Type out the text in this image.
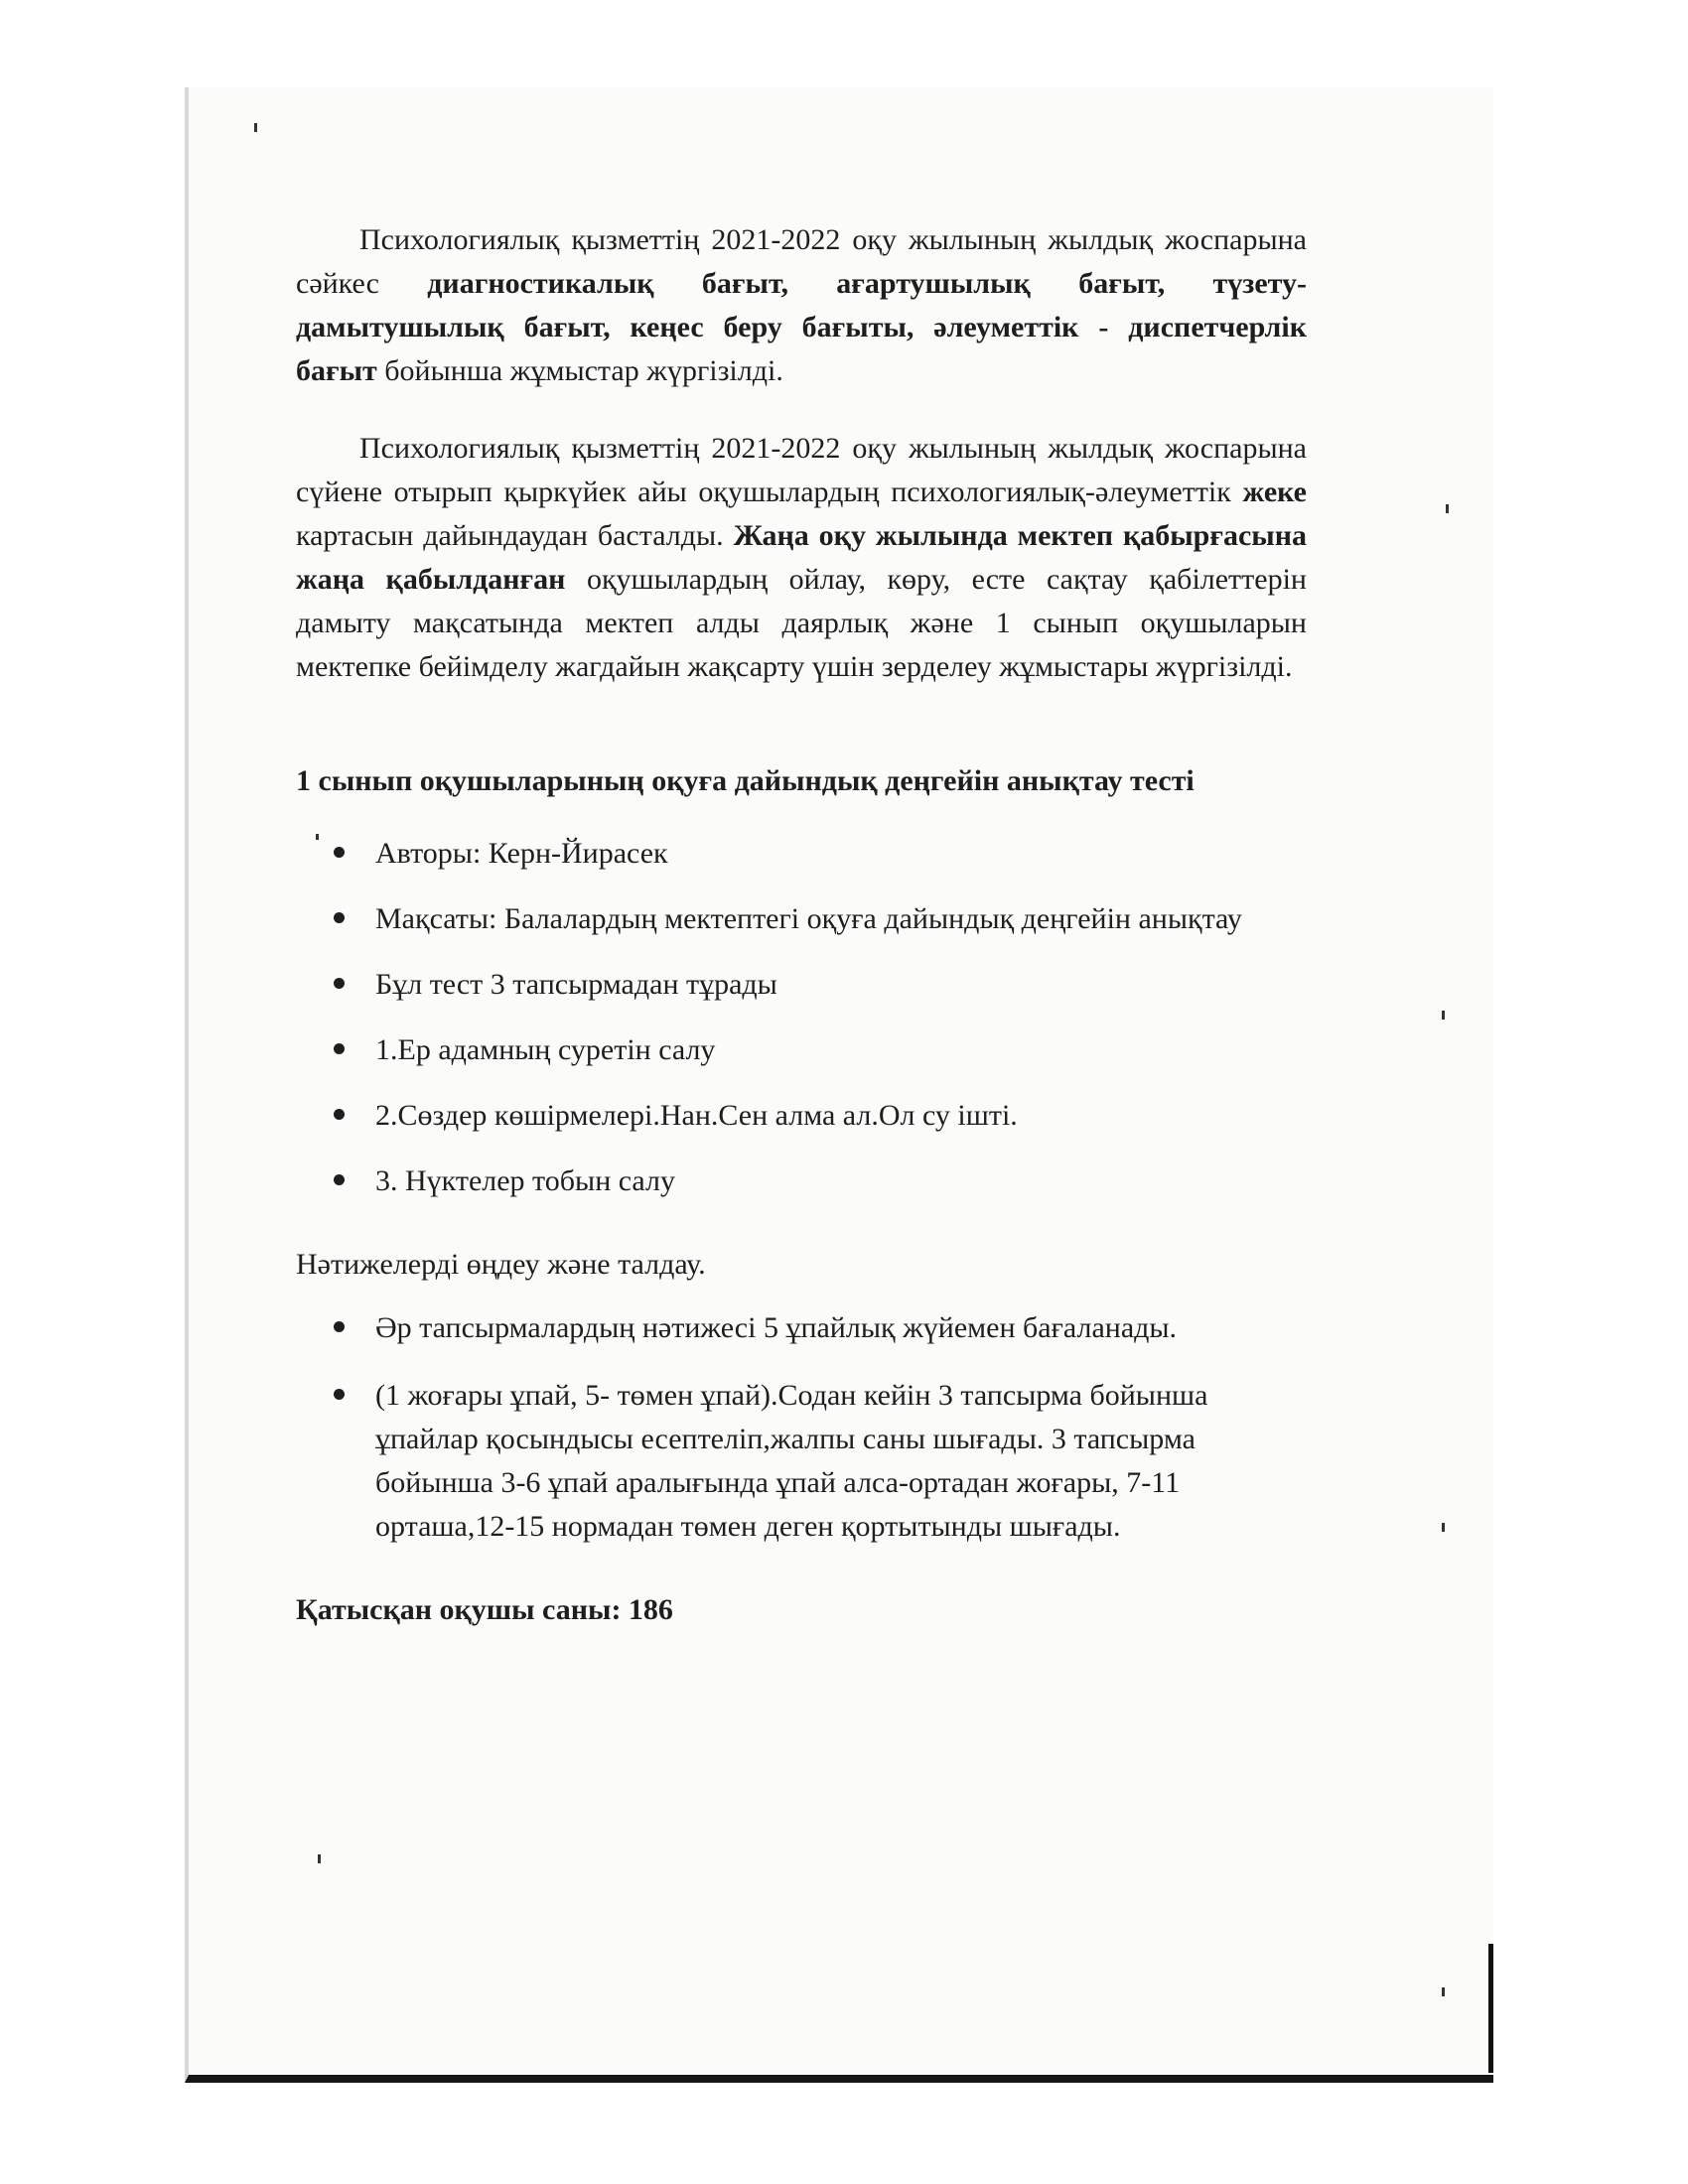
Психологиялық қызметтің 2021-2022 оқу жылының жылдық жоспарына сәйкес диагностикалық бағыт, ағартушылық бағыт, түзету-дамытушылық бағыт, кеңес беру бағыты, әлеуметтік - диспетчерлік бағыт бойынша жұмыстар жүргізілді.

Психологиялық қызметтің 2021-2022 оқу жылының жылдық жоспарына сүйене отырып қыркүйек айы оқушылардың психологиялық-әлеуметтік жеке картасын дайындаудан басталды. Жаңа оқу жылында мектеп қабырғасына жаңа қабылданған оқушылардың ойлау, көру, есте сақтау қабілеттерін дамыту мақсатында мектеп алды даярлық және 1 сынып оқушыларын мектепке бейімделу жагдайын жақсарту үшін зерделеу жұмыстары жүргізілді.

1 сынып оқушыларының оқуға дайындық деңгейін анықтау тесті
Авторы: Керн-Йирасек
Мақсаты: Балалардың мектептегі оқуға дайындық деңгейін анықтау
Бұл тест 3 тапсырмадан тұрады
1.Ер адамның суретін салу
2.Сөздер көшірмелері.Нан.Сен алма ал.Ол су ішті.
3. Нүктелер тобын салу
Нәтижелерді өңдеу және талдау.
Әр тапсырмалардың нәтижесі 5 ұпайлық жүйемен бағаланады.
(1 жоғары ұпай, 5- төмен ұпай).Содан кейін 3 тапсырма бойынша ұпайлар қосындысы есептеліп,жалпы саны шығады. 3 тапсырма бойынша 3-6 ұпай аралығында ұпай алса-ортадан жоғары, 7-11 орташа,12-15 нормадан төмен деген қортытынды шығады.
Қатысқан оқушы саны: 186
